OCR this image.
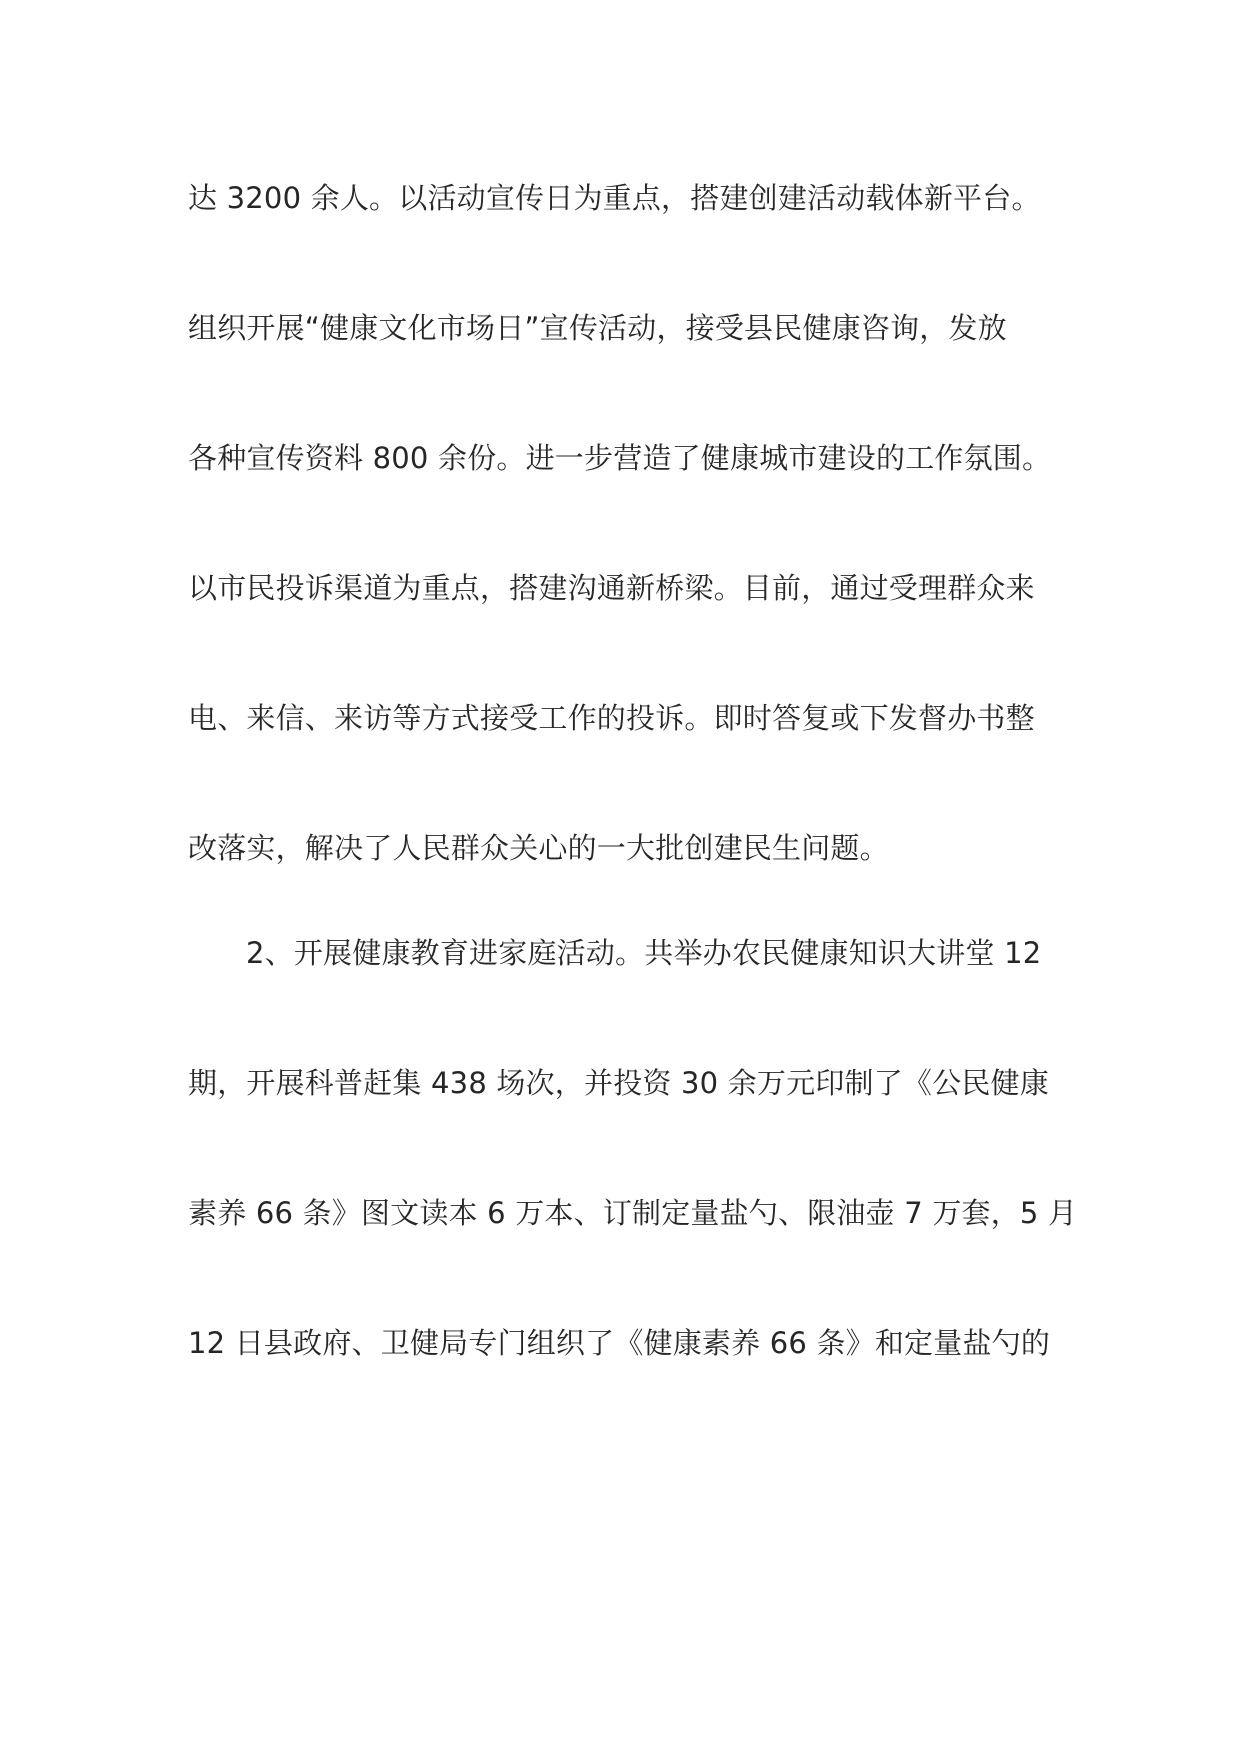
达 3200 余人。以活动宣传日为重点，搭建创建活动载体新平台。
组织开展“健康文化市场日”宣传活动，接受县民健康咨询，发放
各种宣传资料 800 余份。进一步营造了健康城市建设的工作氛围。
以市民投诉渠道为重点，搭建沟通新桥梁。目前，通过受理群众来
电、来信、来访等方式接受工作的投诉。即时答复或下发督办书整
改落实，解决了人民群众关心的一大批创建民生问题。
2、开展健康教育进家庭活动。共举办农民健康知识大讲堂 12
期，开展科普赶集 438 场次，并投资 30 余万元印制了《公民健康
素养 66 条》图文读本 6 万本、订制定量盐勺、限油壶 7 万套，5 月
12 日县政府、卫健局专门组织了《健康素养 66 条》和定量盐勺的
